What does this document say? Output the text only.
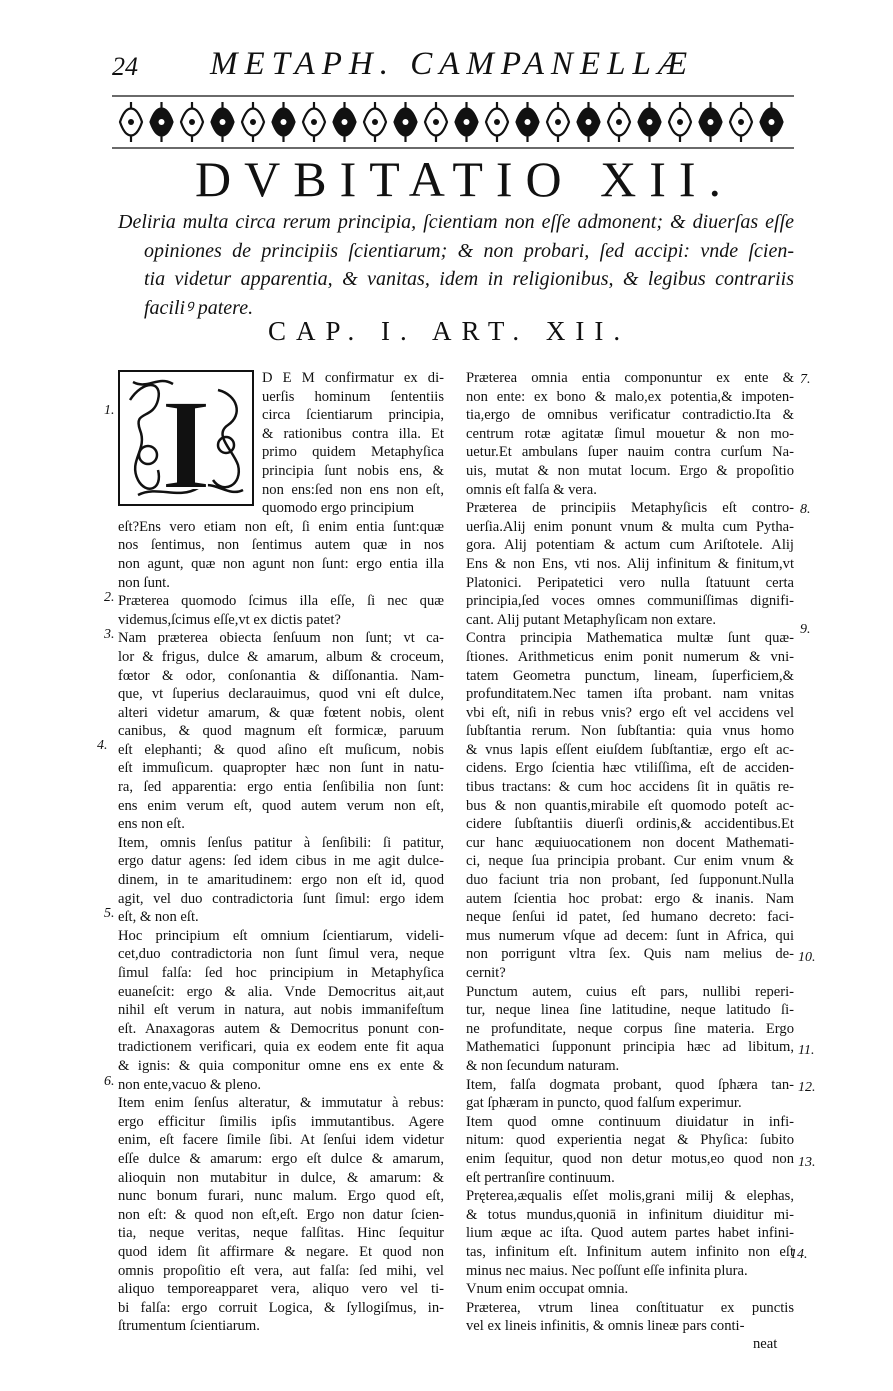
24 METAPH. CAMPANELLÆ
DVBITATIO XII.
Deliria multa circa rerum principia, ſcientiam non eſſe admonent; & diuerſas eſſe
opiniones de principiis ſcientiarum; & non probari, ſed accipi: vnde ſcien-
tia videtur apparentia, & vanitas, idem in religionibus, & legibus contrariis
faciliꝰ patere.
CAP. I. ART. XII.
I	D E M confirmatur ex di-
uerſis hominum ſententiis
circa ſcientiarum principia,
& rationibus contra illa. Et
primo quidem Metaphyſica
principia ſunt nobis ens, &
non ens:ſed non ens non eſt,
quomodo ergo principium
eſt?Ens vero etiam non eſt, ſi enim entia ſunt:quæ
nos ſentimus, non ſentimus autem quæ in nos
non agunt, quæ non agunt non ſunt: ergo entia illa
non ſunt.
Præterea quomodo ſcimus illa eſſe, ſi nec quæ
videmus,ſcimus eſſe,vt ex dictis patet?
Nam præterea obiecta ſenſuum non ſunt; vt ca-
lor & frigus, dulce & amarum, album & croceum,
fœtor & odor, conſonantia & diſſonantia. Nam-
que, vt ſuperius declarauimus, quod vni eſt dulce,
alteri videtur amarum, & quæ fœtent nobis, olent
canibus, & quod magnum eſt formicæ, paruum
eſt elephanti; & quod aſino eſt muſicum, nobis
eſt immuſicum. quapropter hæc non ſunt in natu-
ra, ſed apparentia: ergo entia ſenſibilia non ſunt:
ens enim verum eſt, quod autem verum non eſt,
ens non eſt.
Item, omnis ſenſus patitur à ſenſibili: ſi patitur,
ergo datur agens: ſed idem cibus in me agit dulce-
dinem, in te amaritudinem: ergo non eſt id, quod
agit, vel duo contradictoria ſunt ſimul: ergo idem
eſt, & non eſt.
Hoc principium eſt omnium ſcientiarum, videli-
cet,duo contradictoria non ſunt ſimul vera, neque
ſimul falſa: ſed hoc principium in Metaphyſica
euaneſcit: ergo & alia. Vnde Democritus ait,aut
nihil eſt verum in natura, aut nobis immanifeſtum
eſt. Anaxagoras autem & Democritus ponunt con-
tradictionem verificari, quia ex eodem ente fit aqua
& ignis: & quia componitur omne ens ex ente &
non ente,vacuo & pleno.
Item enim ſenſus alteratur, & immutatur à rebus:
ergo efficitur ſimilis ipſis immutantibus. Agere
enim, eſt facere ſimile ſibi. At ſenſui idem videtur
eſſe dulce & amarum: ergo eſt dulce & amarum,
alioquin non mutabitur in dulce, & amarum: &
nunc bonum furari, nunc malum. Ergo quod eſt,
non eſt: & quod non eſt,eſt. Ergo non datur ſcien-
tia, neque veritas, neque falſitas. Hinc ſequitur
quod idem ſit affirmare & negare. Et quod non
omnis propoſitio eſt vera, aut falſa: ſed mihi, vel
aliquo temporeapparet vera, aliquo vero vel ti-
bi falſa: ergo corruit Logica, & ſyllogiſmus, in-
ſtrumentum ſcientiarum.
Præterea omnia entia componuntur ex ente &
non ente: ex bono & malo,ex potentia,& impoten-
tia,ergo de omnibus verificatur contradictio.Ita &
centrum rotæ agitatæ ſimul mouetur & non mo-
uetur.Et ambulans ſuper nauim contra curſum Na-
uis, mutat & non mutat locum. Ergo & propoſitio
omnis eſt falſa & vera.
Præterea de principiis Metaphyſicis eſt contro-
uerſia.Alij enim ponunt vnum & multa cum Pytha-
gora. Alij potentiam & actum cum Ariſtotele. Alij
Ens & non Ens, vti nos. Alij infinitum & finitum,vt
Platonici. Peripatetici vero nulla ſtatuunt certa
principia,ſed voces omnes communiſſimas dignifi-
cant. Alij putant Metaphyſicam non extare.
Contra principia Mathematica multæ ſunt quæ-
ſtiones. Arithmeticus enim ponit numerum & vni-
tatem Geometra punctum, lineam, ſuperficiem,&
profunditatem.Nec tamen iſta probant. nam vnitas
vbi eſt, niſi in rebus vnis? ergo eſt vel accidens vel
ſubſtantia rerum. Non ſubſtantia: quia vnus homo
& vnus lapis eſſent eiuſdem ſubſtantiæ, ergo eſt ac-
cidens. Ergo ſcientia hæc vtiliſſima, eſt de acciden-
tibus tractans: & cum hoc accidens ſit in quātis re-
bus & non quantis,mirabile eſt quomodo poteſt ac-
cidere ſubſtantiis diuerſi ordinis,& accidentibus.Et
cur hanc æquiuocationem non docent Mathemati-
ci, neque ſua principia probant. Cur enim vnum &
duo faciunt tria non probant, ſed ſupponunt.Nulla
autem ſcientia hoc probat: ergo & inanis. Nam
neque ſenſui id patet, ſed humano decreto: faci-
mus numerum vſque ad decem: ſunt in Africa, qui
non porrigunt vltra ſex. Quis nam melius de-
cernit?
Punctum autem, cuius eſt pars, nullibi reperi-
tur, neque linea ſine latitudine, neque latitudo ſi-
ne profunditate, neque corpus ſine materia. Ergo
Mathematici ſupponunt principia hæc ad libitum,
& non ſecundum naturam.
Item, falſa dogmata probant, quod ſphæra tan-
gat ſphæram in puncto, quod falſum experimur.
Item quod omne continuum diuidatur in infi-
nitum: quod experientia negat & Phyſica: ſubito
enim ſequitur, quod non detur motus,eo quod non
eſt pertranſire continuum.
Pręterea,æqualis eſſet molis,grani milij & elephas,
& totus mundus,quoniā in infinitum diuiditur mi-
lium æque ac iſta. Quod autem partes habet infini-
tas, infinitum eſt. Infinitum autem infinito non eſt
minus nec maius. Nec poſſunt eſſe infinita plura.
Vnum enim occupat omnia.
Præterea, vtrum linea conſtituatur ex punctis
vel ex lineis infinitis, & omnis lineæ pars conti-
neat
1.
2.
3.
4.
5.
6.
7.
8.
9.
10.
11.
12.
13.
14.
